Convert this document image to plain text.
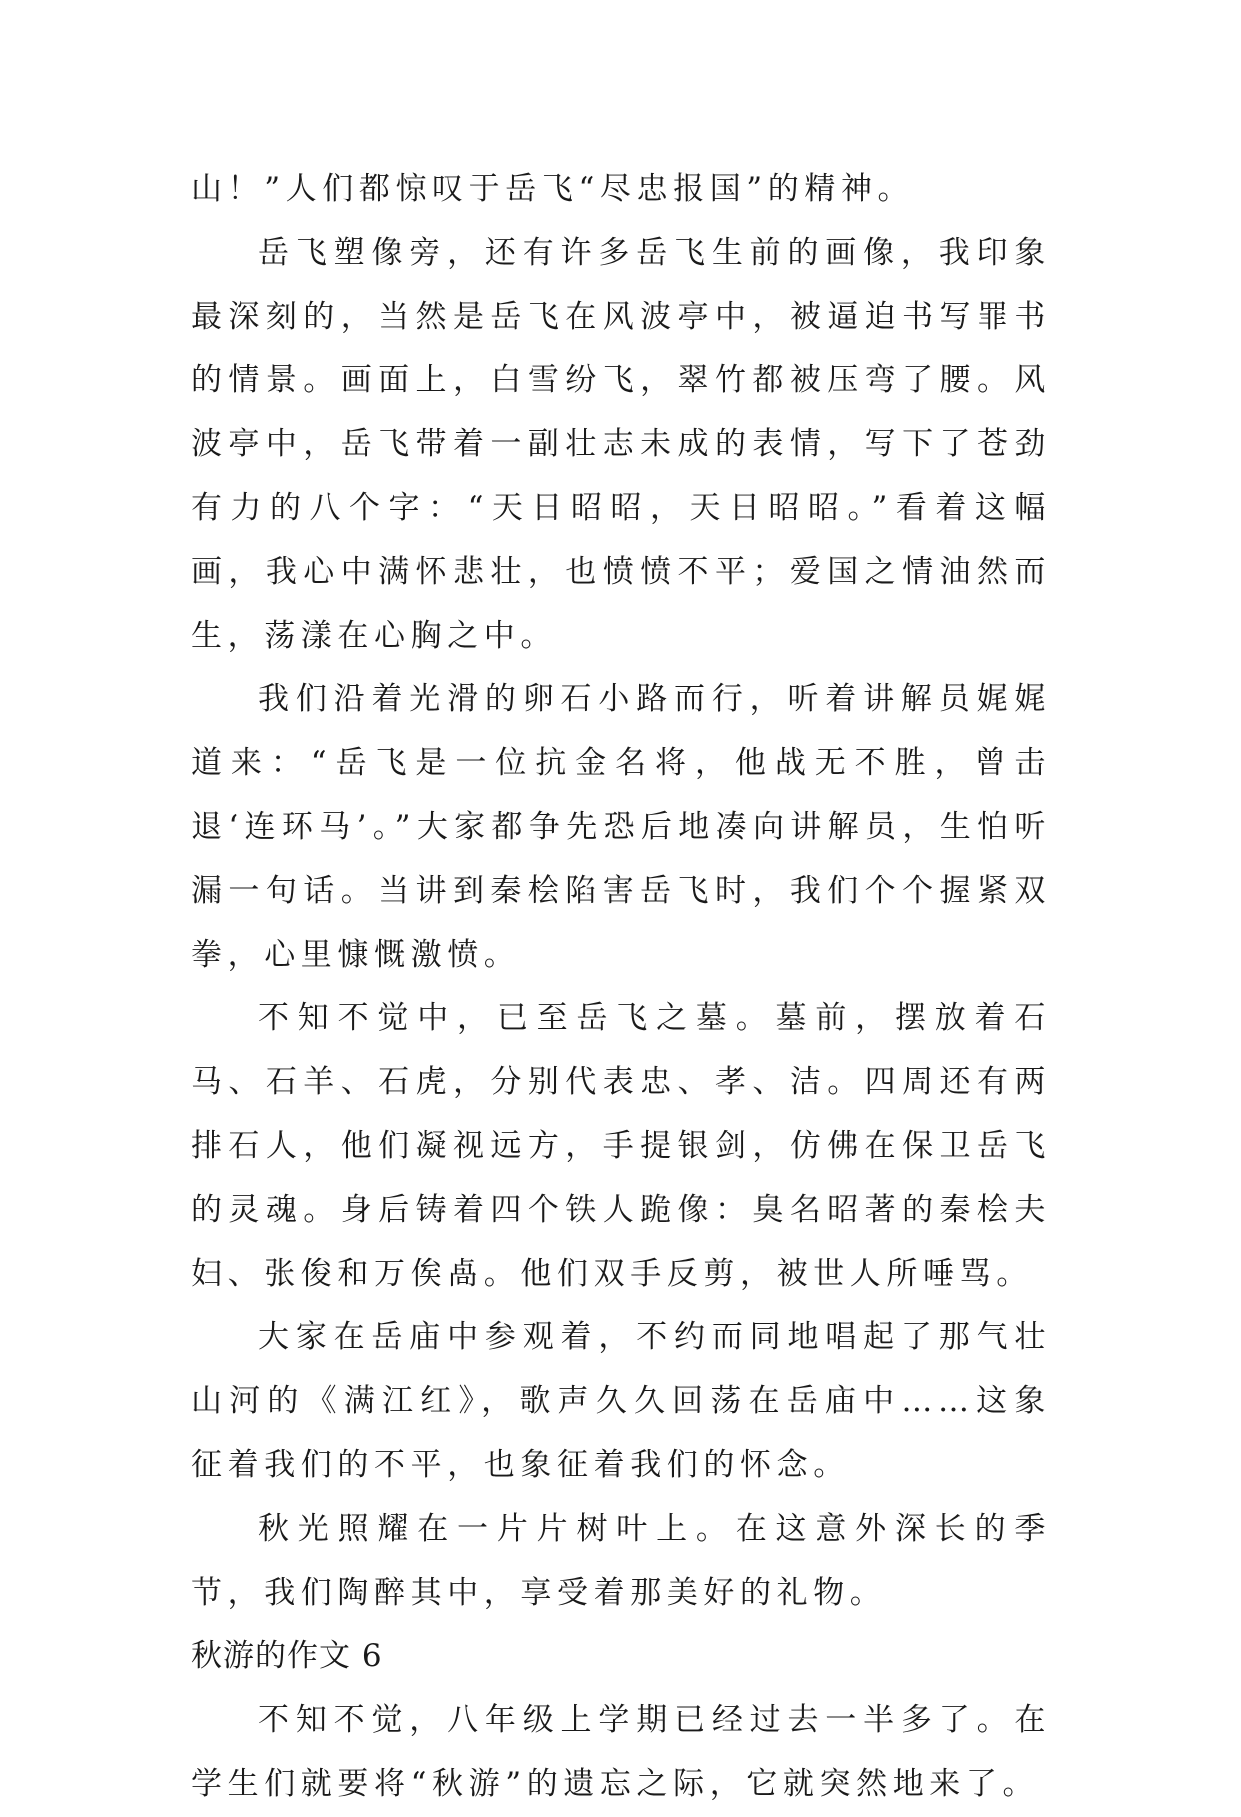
山！”人们都惊叹于岳飞“尽忠报国”的精神。

岳飞塑像旁，还有许多岳飞生前的画像，我印象最深刻的，当然是岳飞在风波亭中，被逼迫书写罪书的情景。画面上，白雪纷飞，翠竹都被压弯了腰。风波亭中，岳飞带着一副壮志未成的表情，写下了苍劲有力的八个字：“天日昭昭，天日昭昭。”看着这幅画，我心中满怀悲壮，也愤愤不平；爱国之情油然而生，荡漾在心胸之中。

我们沿着光滑的卵石小路而行，听着讲解员娓娓道来：“岳飞是一位抗金名将，他战无不胜，曾击退‘连环马’。”大家都争先恐后地凑向讲解员，生怕听漏一句话。当讲到秦桧陷害岳飞时，我们个个握紧双拳，心里慷慨激愤。

不知不觉中，已至岳飞之墓。墓前，摆放着石马、石羊、石虎，分别代表忠、孝、洁。四周还有两排石人，他们凝视远方，手提银剑，仿佛在保卫岳飞的灵魂。身后铸着四个铁人跪像：臭名昭著的秦桧夫妇、张俊和万俟卨。他们双手反剪，被世人所唾骂。

大家在岳庙中参观着，不约而同地唱起了那气壮山河的《满江红》，歌声久久回荡在岳庙中……这象征着我们的不平，也象征着我们的怀念。

秋光照耀在一片片树叶上。在这意外深长的季节，我们陶醉其中，享受着那美好的礼物。

秋游的作文 6

不知不觉，八年级上学期已经过去一半多了。在学生们就要将“秋游”的遗忘之际，它就突然地来了。
